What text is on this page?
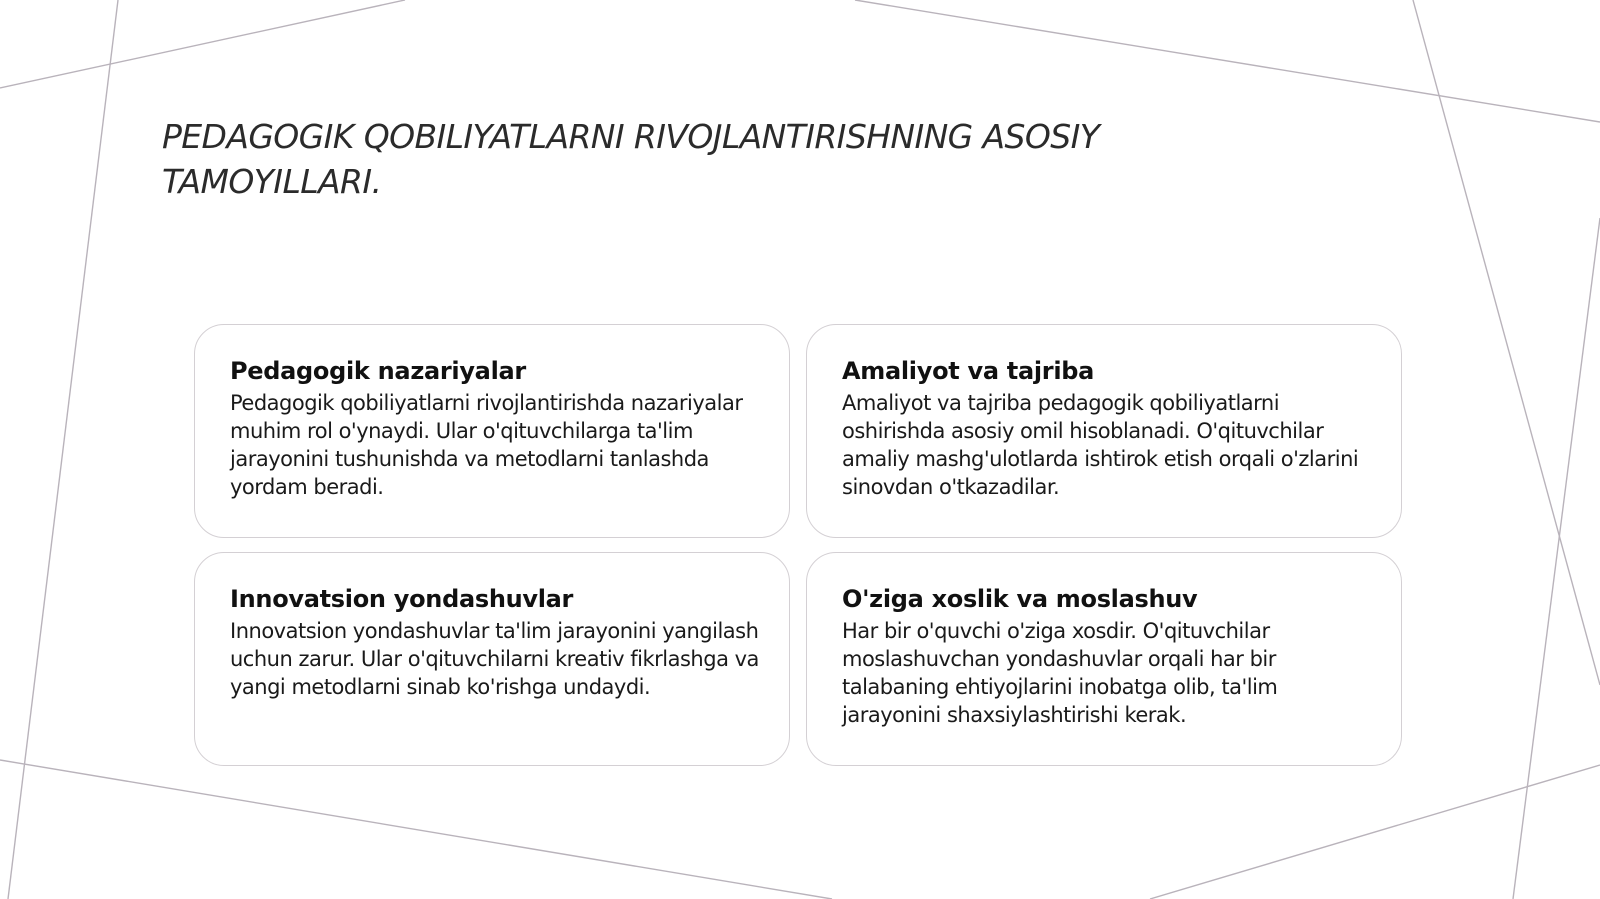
PEDAGOGIK QOBILIYATLARNI RIVOJLANTIRISHNING ASOSIY TAMOYILLARI.
Pedagogik nazariyalar

Pedagogik qobiliyatlarni rivojlantirishda nazariyalar muhim rol o'ynaydi. Ular o'qituvchilarga ta'lim jarayonini tushunishda va metodlarni tanlashda yordam beradi.

Amaliyot va tajriba

Amaliyot va tajriba pedagogik qobiliyatlarni oshirishda asosiy omil hisoblanadi. O'qituvchilar amaliy mashg'ulotlarda ishtirok etish orqali o'zlarini sinovdan o'tkazadilar.

Innovatsion yondashuvlar

Innovatsion yondashuvlar ta'lim jarayonini yangilash uchun zarur. Ular o'qituvchilarni kreativ fikrlashga va yangi metodlarni sinab ko'rishga undaydi.

O'ziga xoslik va moslashuv

Har bir o'quvchi o'ziga xosdir. O'qituvchilar moslashuvchan yondashuvlar orqali har bir talabaning ehtiyojlarini inobatga olib, ta'lim jarayonini shaxsiylashtirishi kerak.
